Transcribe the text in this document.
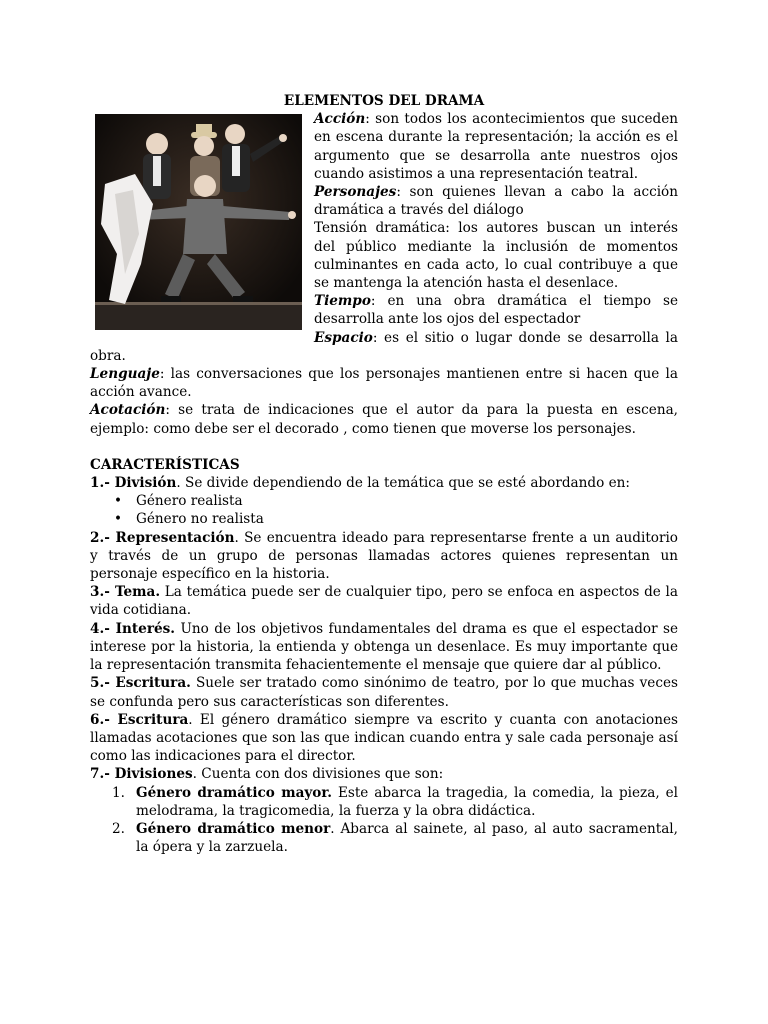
ELEMENTOS DEL DRAMA

Acción: son todos los acontecimientos que suceden en escena durante la representación; la acción es el argumento que se desarrolla ante nuestros ojos cuando asistimos a una representación teatral.

Personajes: son quienes llevan a cabo la acción dramática a través del diálogo

Tensión dramática: los autores buscan un interés del público mediante la inclusión de momentos culminantes en cada acto, lo cual contribuye a que se mantenga la atención hasta el desenlace.

Tiempo: en una obra dramática el tiempo se desarrolla ante los ojos del espectador

Espacio: es el sitio o lugar donde se desarrolla la obra.

Lenguaje: las conversaciones que los personajes mantienen entre si hacen que la acción avance.

Acotación: se trata de indicaciones que el autor da para la puesta en escena, ejemplo: como debe ser el decorado , como tienen que moverse los personajes.

CARACTERÍSTICAS

1.- División. Se divide dependiendo de la temática que se esté abordando en:

• Género realista
• Género no realista

2.- Representación. Se encuentra ideado para representarse frente a un auditorio y través de un grupo de personas llamadas actores quienes representan un personaje específico en la historia.

3.- Tema. La temática puede ser de cualquier tipo, pero se enfoca en aspectos de la vida cotidiana.

4.- Interés. Uno de los objetivos fundamentales del drama es que el espectador se interese por la historia, la entienda y obtenga un desenlace. Es muy importante que la representación transmita fehacientemente el mensaje que quiere dar al público.

5.- Escritura. Suele ser tratado como sinónimo de teatro, por lo que muchas veces se confunda pero sus características son diferentes.

6.- Escritura. El género dramático siempre va escrito y cuanta con anotaciones llamadas acotaciones que son las que indican cuando entra y sale cada personaje así como las indicaciones para el director.

7.- Divisiones. Cuenta con dos divisiones que son:

1. Género dramático mayor. Este abarca la tragedia, la comedia, la pieza, el melodrama, la tragicomedia, la fuerza y la obra didáctica.
2. Género dramático menor. Abarca al sainete, al paso, al auto sacramental, la ópera y la zarzuela.
